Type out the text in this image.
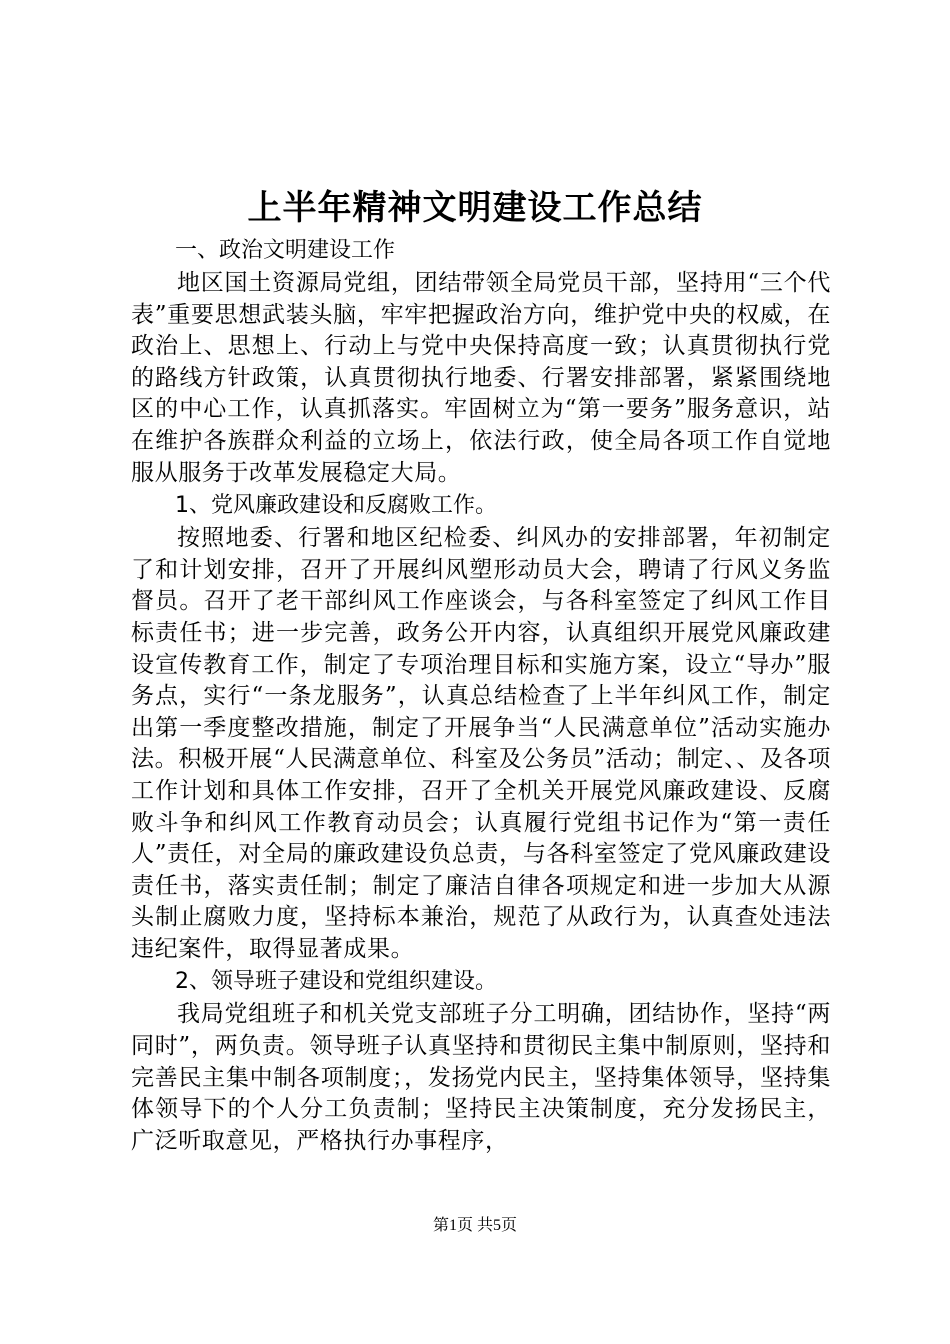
上半年精神文明建设工作总结
一、政治文明建设工作
地区国土资源局党组，团结带领全局党员干部，坚持用“三个代表”重要思想武装头脑，牢牢把握政治方向，维护党中央的权威，在政治上、思想上、行动上与党中央保持高度一致；认真贯彻执行党的路线方针政策，认真贯彻执行地委、行署安排部署，紧紧围绕地区的中心工作，认真抓落实。牢固树立为“第一要务”服务意识，站在维护各族群众利益的立场上，依法行政，使全局各项工作自觉地服从服务于改革发展稳定大局。
1、党风廉政建设和反腐败工作。
按照地委、行署和地区纪检委、纠风办的安排部署，年初制定了和计划安排，召开了开展纠风塑形动员大会，聘请了行风义务监督员。召开了老干部纠风工作座谈会，与各科室签定了纠风工作目标责任书；进一步完善，政务公开内容，认真组织开展党风廉政建设宣传教育工作，制定了专项治理目标和实施方案，设立“导办”服务点，实行“一条龙服务”，认真总结检查了上半年纠风工作，制定出第一季度整改措施，制定了开展争当“人民满意单位”活动实施办法。积极开展“人民满意单位、科室及公务员”活动；制定、、及各项工作计划和具体工作安排，召开了全机关开展党风廉政建设、反腐败斗争和纠风工作教育动员会；认真履行党组书记作为“第一责任人”责任，对全局的廉政建设负总责，与各科室签定了党风廉政建设责任书，落实责任制；制定了廉洁自律各项规定和进一步加大从源头制止腐败力度，坚持标本兼治，规范了从政行为，认真查处违法违纪案件，取得显著成果。
2、领导班子建设和党组织建设。
我局党组班子和机关党支部班子分工明确，团结协作，坚持“两同时”，两负责。领导班子认真坚持和贯彻民主集中制原则，坚持和完善民主集中制各项制度；，发扬党内民主，坚持集体领导，坚持集体领导下的个人分工负责制；坚持民主决策制度，充分发扬民主，广泛听取意见，严格执行办事程序，
第1页 共5页
